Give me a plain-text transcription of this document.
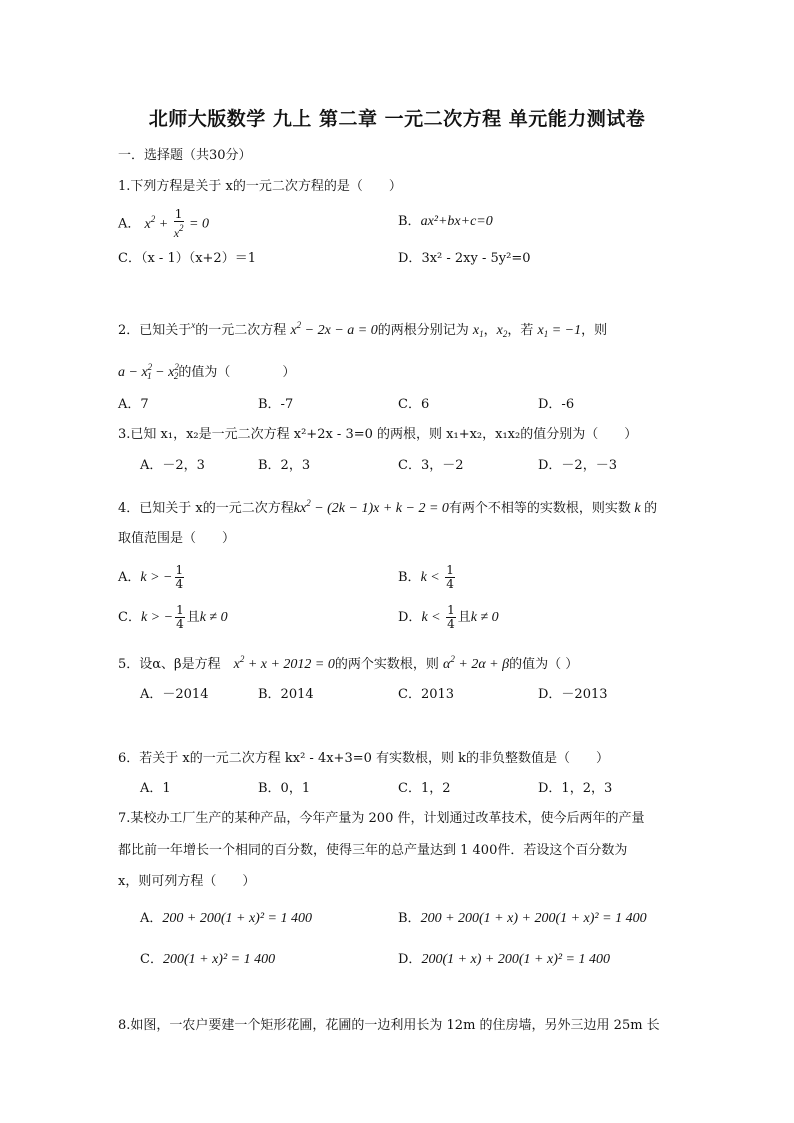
北师大版数学 九上 第二章 一元二次方程 单元能力测试卷
一．选择题（共30分）
1.下列方程是关于 x的一元二次方程的是（　　）
A． $x^2 + \frac{1}{x^2} = 0$	B．ax²+bx+c=0
C．（x - 1）（x+2）＝1	D．3x² - 2xy - 5y²=0
2．已知关于$^x$的一元二次方程 $x^2 - 2x - a = 0$的两根分别记为 $x_1$，$x_2$，若 $x_1 = -1$，则
$a - x^2_1 - x^2_2$的值为（　　　　）
A．7	B．-7	C．6	D．-6
3.已知 x₁，x₂是一元二次方程 x²+2x - 3=0 的两根，则 x₁+x₂，x₁x₂的值分别为（　　）
A．－2，3	B．2，3	C．3，－2	D．－2，－3
4．已知关于 x的一元二次方程$kx^2 - (2k - 1)x + k - 2 = 0$有两个不相等的实数根，则实数 k 的
取值范围是（　　）
A．k > − $\frac{1}{4}$	B．$k < \frac{1}{4}$
C．k > − $\frac{1}{4}$ 且k ≠ 0	D．$k < \frac{1}{4}$ 且k ≠ 0
5．设α、β是方程　 $x^2 + x + 2012 = 0$的两个实数根，则 $\alpha^2 + 2\alpha + \beta$的值为（ ）
A．－2014	B．2014	C．2013	D．－2013
6．若关于 x的一元二次方程 kx² - 4x+3=0 有实数根，则 k的非负整数值是（　　）
A．1	B．0，1	C．1，2	D．1，2，3
7.某校办工厂生产的某种产品，今年产量为 200 件，计划通过改革技术，使今后两年的产量
都比前一年增长一个相同的百分数，使得三年的总产量达到 1 400件．若设这个百分数为
x，则可列方程（　　）
A．200 + 200(1 + x)² = 1 400	B．200 + 200(1 + x) + 200(1 + x)² = 1 400
C．200(1 + x)² = 1 400	D．200(1 + x) + 200(1 + x)² = 1 400
8.如图，一农户要建一个矩形花圃，花圃的一边利用长为 12m 的住房墙，另外三边用 25m 长
